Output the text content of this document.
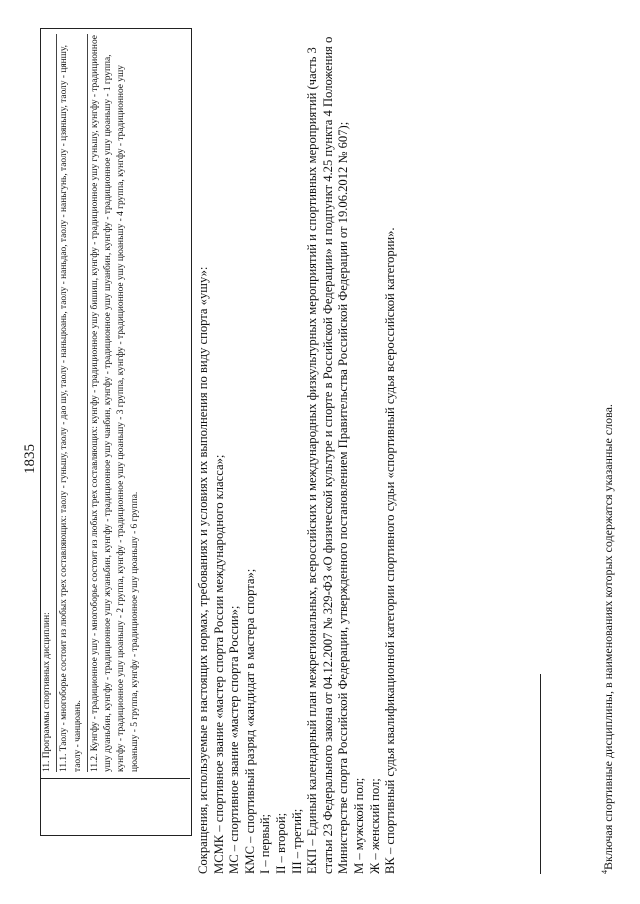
1835
11. Программы спортивных дисциплин: 11.1. Таолу - многоборье состоит из любых трех составляющих: таолу - гуньшу, таолу - дао шу, таолу - наньцюань, таолу - наньдао, таолу - наньгунь, таолу - цзяньшу, таолу - цяншу, таолу - чанцюань. 11.2. Кунгфу - традиционное ушу - многоборье состоит из любых трех составляющих: кунгфу - традиционное ушу бишиш, кунгфу - традиционное ушу гуньшу, кунгфу - традиционное ушу дуаньбин, кунгфу - традиционное ушу жуаньбин, кунгфу - традиционное ушу чанбин, кунгфу - традиционное ушу шуанбин, кунгфу - традиционное ушу цюаньшу - 1 группа, кунгфу - традиционное ушу цюаньшу - 2 группа, кунгфу - традиционное ушу цюаньшу - 3 группа, кунгфу - традиционное ушу цюаньшу - 4 группа, кунгфу - традиционное ушу цюаньшу - 5 группа, кунгфу - традиционное ушу цюаньшу - 6 группа.	Сокращения, используемые в настоящих нормах, требованиях и условиях их выполнения по виду спорта «ушу»: МСМК – спортивное звание «мастер спорта России международного класса»; МС – спортивное звание «мастер спорта России»; КМС – спортивный разряд «кандидат в мастера спорта»; I – первый; II – второй; III – третий; ЕКП – Единый календарный план межрегиональных, всероссийских и международных физкультурных мероприятий и спортивных мероприятий (часть 3 статьи 23 Федерального закона от 04.12.2007 № 329-ФЗ «О физической культуре и спорте в Российской Федерации» и подпункт 4.25 пункта 4 Положения о Министерстве спорта Российской Федерации, утвержденного постановлением Правительства Российской Федерации от 19.06.2012 № 607); М – мужской пол; Ж – женский пол; ВК – спортивный судья квалификационной категории спортивного судьи «спортивный судья всероссийской категории».	$^4$Включая спортивные дисциплины, в наименованиях которых содержатся указанные слова.
